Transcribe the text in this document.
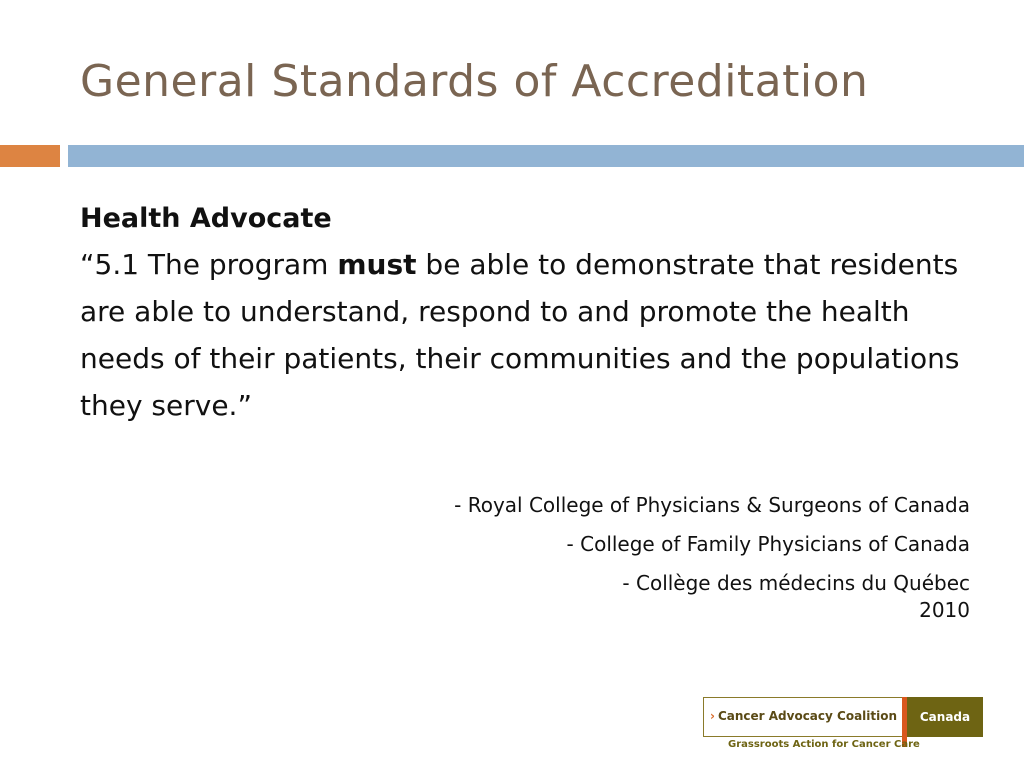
General Standards of Accreditation
Health Advocate

“5.1 The program must be able to demonstrate that residents are able to understand, respond to and promote the health needs of their patients, their communities and the populations they serve.”

- Royal College of Physicians & Surgeons of Canada
- College of Family Physicians of Canada
- Collège des médecins du Québec
2010
› Cancer Advocacy Coalition	Canada
Grassroots Action for Cancer Care
